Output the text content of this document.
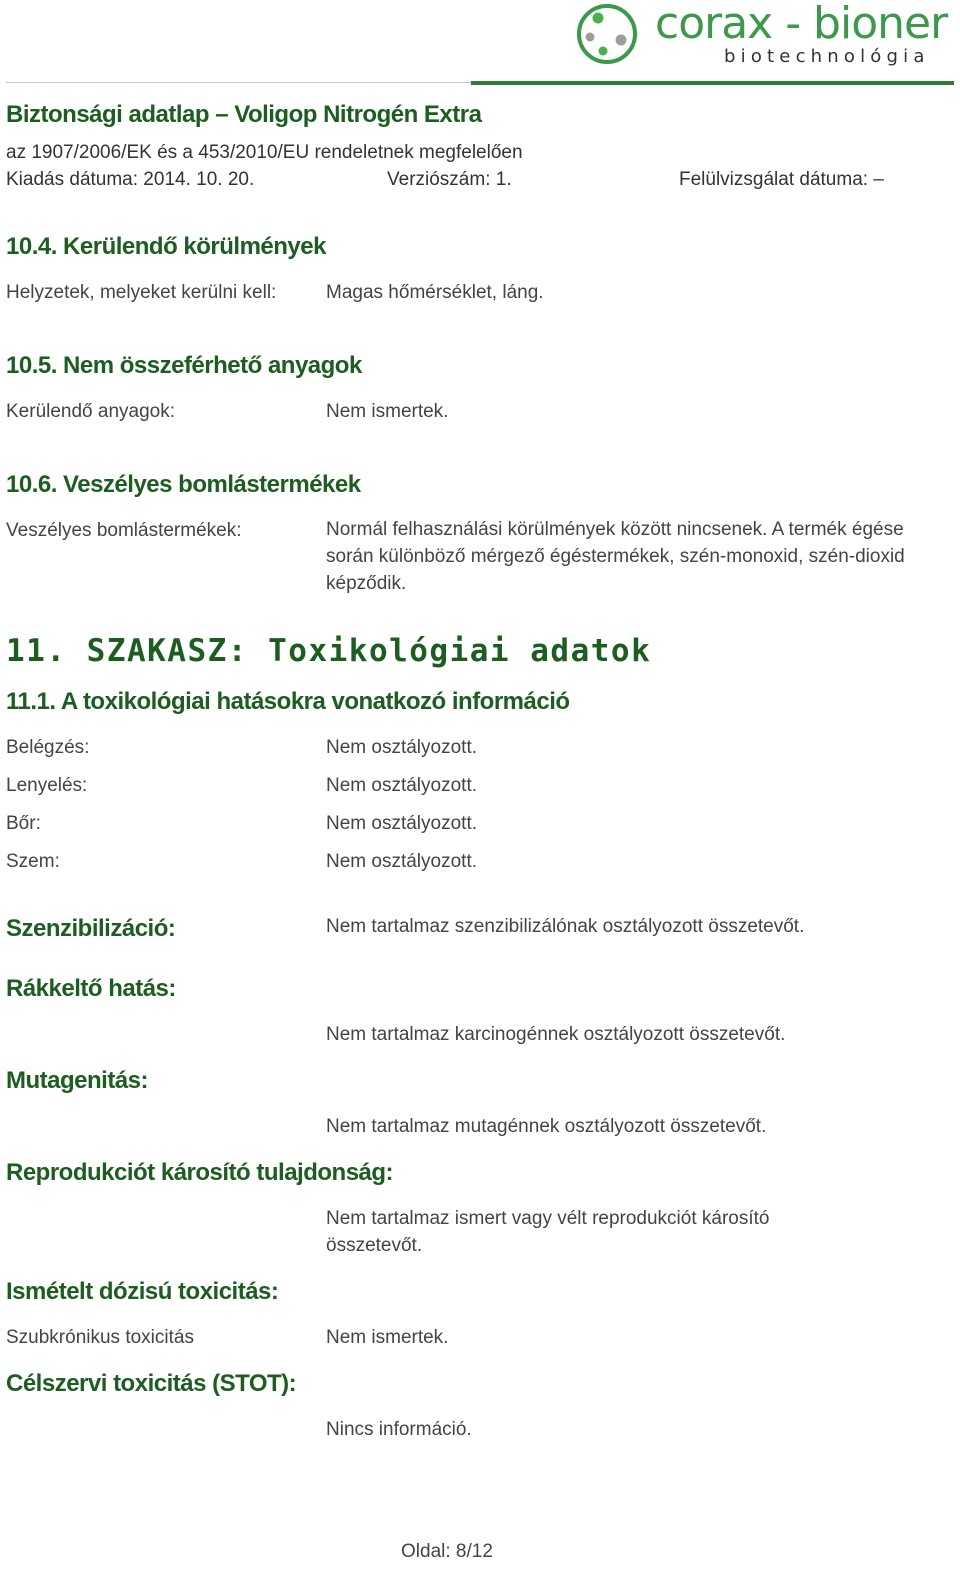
corax - bioner
biotechnológia
Biztonsági adatlap – Voligop Nitrogén Extra
az 1907/2006/EK és a 453/2010/EU rendeletnek megfelelően
Kiadás dátuma: 2014. 10. 20.	Verziószám: 1.	Felülvizsgálat dátuma: –
10.4. Kerülendő körülmények
Helyzetek, melyeket kerülni kell:	Magas hőmérséklet, láng.
10.5. Nem összeférhető anyagok
Kerülendő anyagok:	Nem ismertek.
10.6. Veszélyes bomlástermékek
Veszélyes bomlástermékek:	Normál felhasználási körülmények között nincsenek. A termék égése során különböző mérgező égéstermékek, szén-monoxid, szén-dioxid képződik.
11. SZAKASZ: Toxikológiai adatok
11.1. A toxikológiai hatásokra vonatkozó információ
Belégzés:	Nem osztályozott.
Lenyelés:	Nem osztályozott.
Bőr:	Nem osztályozott.
Szem:	Nem osztályozott.
Szenzibilizáció:	Nem tartalmaz szenzibilizálónak osztályozott összetevőt.
Rákkeltő hatás:
Nem tartalmaz karcinogénnek osztályozott összetevőt.
Mutagenitás:
Nem tartalmaz mutagénnek osztályozott összetevőt.
Reprodukciót károsító tulajdonság:
Nem tartalmaz ismert vagy vélt reprodukciót károsító összetevőt.
Ismételt dózisú toxicitás:
Szubkrónikus toxicitás	Nem ismertek.
Célszervi toxicitás (STOT):
Nincs információ.
Oldal: 8/12
